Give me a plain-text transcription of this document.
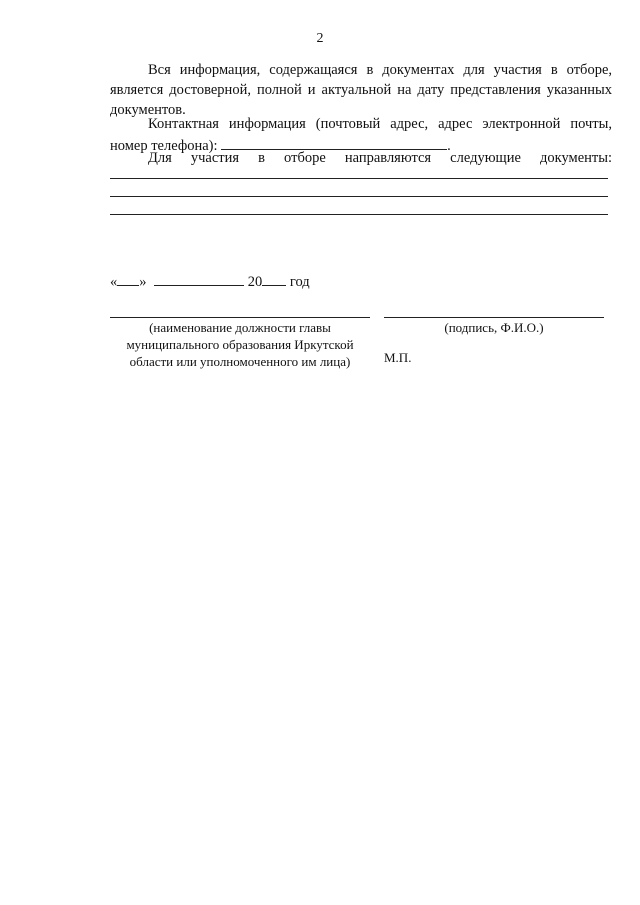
2
Вся информация, содержащаяся в документах для участия в отборе, является достоверной, полной и актуальной на дату представления указанных документов.
Контактная информация (почтовый адрес, адрес электронной почты, номер телефона):	.
Для участия в отборе направляются следующие документы:
« »	20 год
(наименование должности главы муниципального образования Иркутской области или уполномоченного им лица)
(подпись, Ф.И.О.)
М.П.
